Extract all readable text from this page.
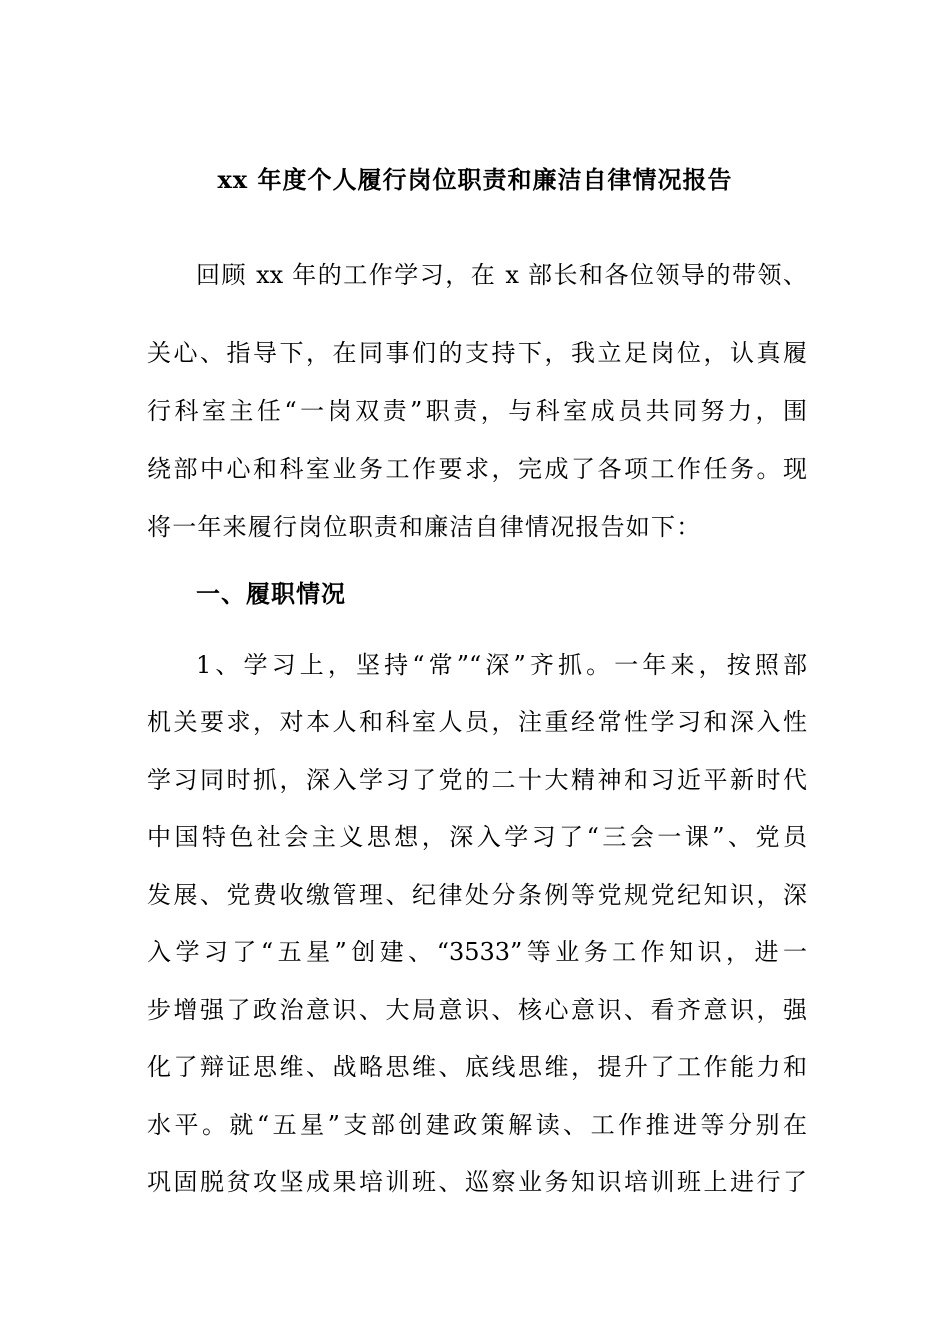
xx 年度个人履行岗位职责和廉洁自律情况报告
回顾 xx 年的工作学习，在 x 部长和各位领导的带领、
关心、指导下，在同事们的支持下，我立足岗位，认真履
行科室主任“一岗双责”职责，与科室成员共同努力，围
绕部中心和科室业务工作要求，完成了各项工作任务。现
将一年来履行岗位职责和廉洁自律情况报告如下：
一、履职情况
1、学习上，坚持“常”“深”齐抓。一年来，按照部
机关要求，对本人和科室人员，注重经常性学习和深入性
学习同时抓，深入学习了党的二十大精神和习近平新时代
中国特色社会主义思想，深入学习了“三会一课”、党员
发展、党费收缴管理、纪律处分条例等党规党纪知识，深
入学习了“五星”创建、“3533”等业务工作知识，进一
步增强了政治意识、大局意识、核心意识、看齐意识，强
化了辩证思维、战略思维、底线思维，提升了工作能力和
水平。就“五星”支部创建政策解读、工作推进等分别在
巩固脱贫攻坚成果培训班、巡察业务知识培训班上进行了
